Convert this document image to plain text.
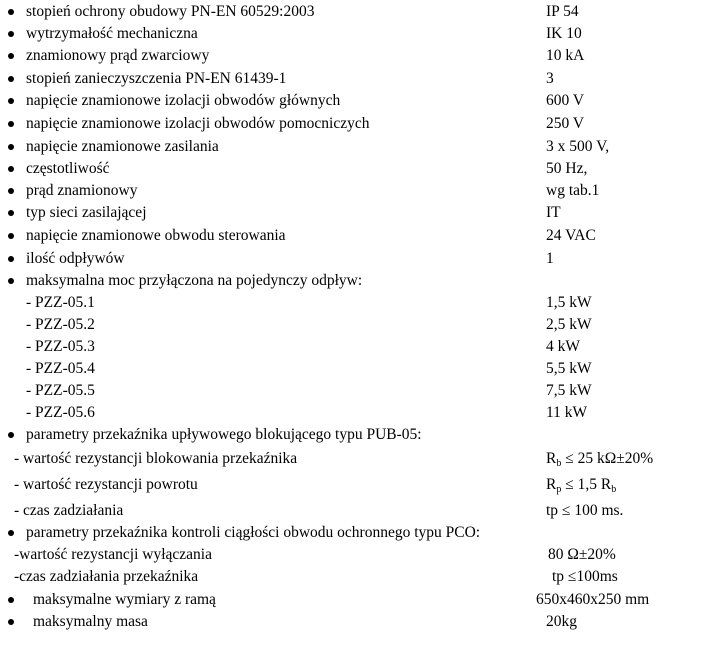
stopień ochrony obudowy PN-EN 60529:2003	IP 54
wytrzymałość mechaniczna	IK 10
znamionowy prąd zwarciowy	10 kA
stopień zanieczyszczenia PN-EN 61439-1	3
napięcie znamionowe izolacji obwodów głównych	600 V
napięcie znamionowe izolacji obwodów pomocniczych	250 V
napięcie znamionowe zasilania	3 x 500 V,
częstotliwość	50 Hz,
prąd znamionowy	wg tab.1
typ sieci zasilającej	IT
napięcie znamionowe obwodu sterowania	24 VAC
ilość odpływów	1
maksymalna moc przyłączona na pojedynczy odpływ:
- PZZ-05.1	1,5 kW
- PZZ-05.2	2,5 kW
- PZZ-05.3	4 kW
- PZZ-05.4	5,5 kW
- PZZ-05.5	7,5 kW
- PZZ-05.6	11 kW
parametry przekaźnika upływowego blokującego typu PUB-05:
- wartość rezystancji blokowania przekaźnika	$R_b \le 25$ kΩ±20%
- wartość rezystancji powrotu	$R_p \le 1,5$ $R_b$
- czas zadziałania	tp ≤ 100 ms.
parametry przekaźnika kontroli ciągłości obwodu ochronnego typu PCO:
-wartość rezystancji wyłączania	80 Ω±20%
-czas zadziałania przekaźnika	tp ≤100ms
maksymalne wymiary z ramą	650x460x250 mm
maksymalny masa	20kg
